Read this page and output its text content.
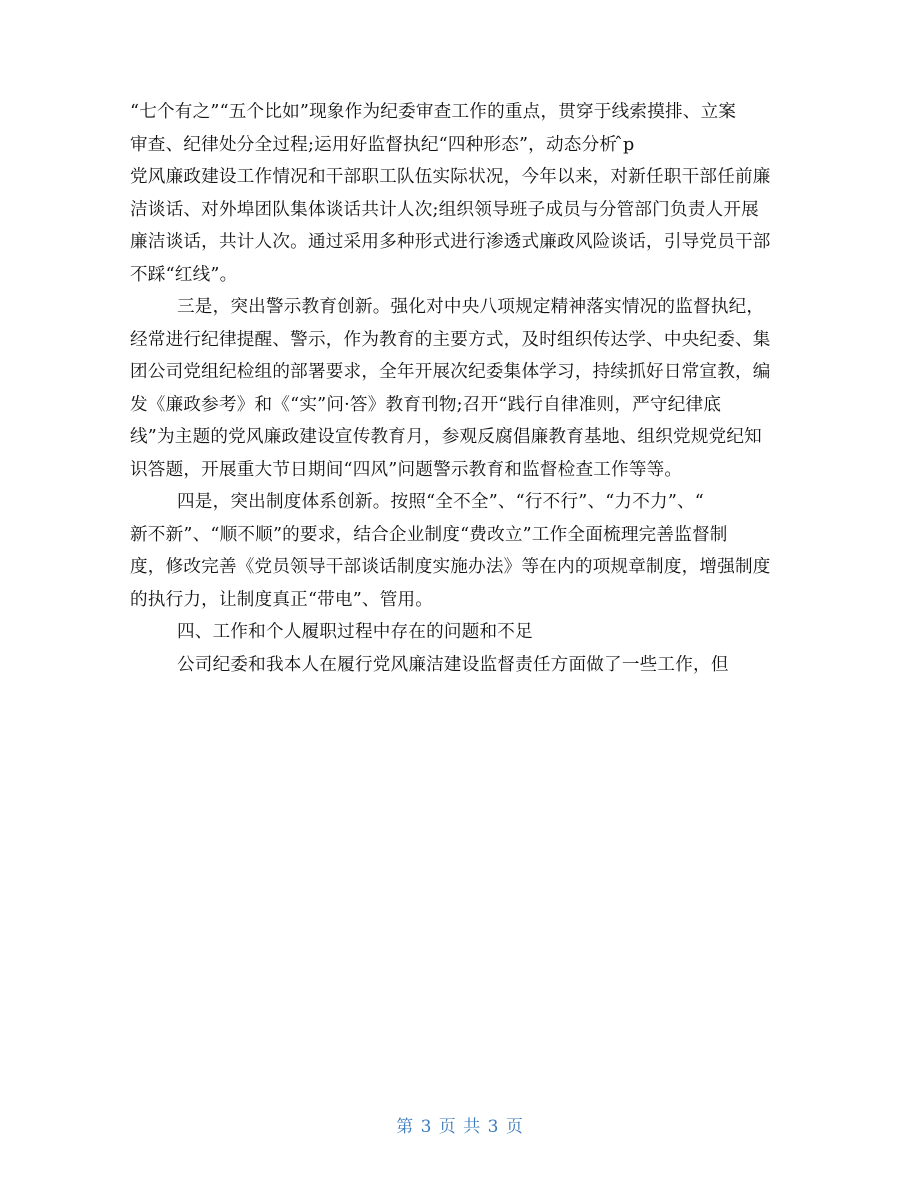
“七个有之”“五个比如”现象作为纪委审查工作的重点，贯穿于线索摸排、立案
审查、纪律处分全过程;运用好监督执纪“四种形态”，动态分析 ̂p
党风廉政建设工作情况和干部职工队伍实际状况，今年以来，对新任职干部任前廉
洁谈话、对外埠团队集体谈话共计人次;组织领导班子成员与分管部门负责人开展
廉洁谈话，共计人次。通过采用多种形式进行渗透式廉政风险谈话，引导党员干部
不踩“红线”。
三是，突出警示教育创新。强化对中央八项规定精神落实情况的监督执纪，
经常进行纪律提醒、警示，作为教育的主要方式，及时组织传达学、中央纪委、集
团公司党组纪检组的部署要求，全年开展次纪委集体学习，持续抓好日常宣教，编
发《廉政参考》和《“实”问·答》教育刊物;召开“践行自律准则，严守纪律底
线”为主题的党风廉政建设宣传教育月，参观反腐倡廉教育基地、组织党规党纪知
识答题，开展重大节日期间“四风”问题警示教育和监督检查工作等等。
四是，突出制度体系创新。按照“全不全”、“行不行”、“力不力”、“
新不新”、“顺不顺”的要求，结合企业制度“费改立”工作全面梳理完善监督制
度，修改完善《党员领导干部谈话制度实施办法》等在内的项规章制度，增强制度
的执行力，让制度真正“带电”、管用。
四、工作和个人履职过程中存在的问题和不足
公司纪委和我本人在履行党风廉洁建设监督责任方面做了一些工作，但
第 3 页 共 3 页
